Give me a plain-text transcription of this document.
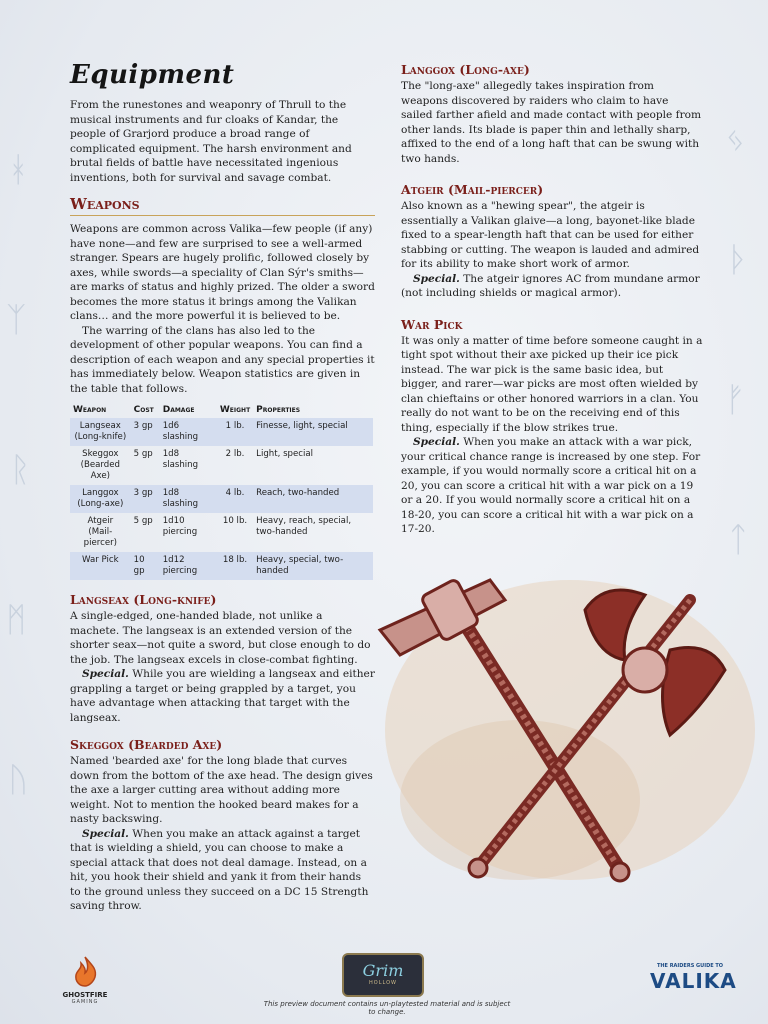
ᚼ
ᛉ
ᚱ
ᛗ
ᚢ
ᛃ
ᚦ
ᚠ
ᛏ
Equipment

From the runestones and weaponry of Thrull to the musical instruments and fur cloaks of Kandar, the people of Grarjord produce a broad range of complicated equipment. The harsh environment and brutal fields of battle have necessitated ingenious inventions, both for survival and savage combat.

Weapons

Weapons are common across Valika—few people (if any) have none—and few are surprised to see a well-armed stranger. Spears are hugely prolific, followed closely by axes, while swords—a speciality of Clan Sýr's smiths—are marks of status and highly prized. The older a sword becomes the more status it brings among the Valikan clans… and the more powerful it is believed to be.

The warring of the clans has also led to the development of other popular weapons. You can find a description of each weapon and any special properties it has immediately below. Weapon statistics are given in the table that follows.

Weapon	Cost	Damage	Weight	Properties
Langseax
(Long-knife)	3 gp	1d6 slashing	1 lb.	Finesse, light, special
Skeggox
(Bearded Axe)	5 gp	1d8 slashing	2 lb.	Light, special
Langgox
(Long-axe)	3 gp	1d8 slashing	4 lb.	Reach, two-handed
Atgeir
(Mail-piercer)	5 gp	1d10 piercing	10 lb.	Heavy, reach, special, two-handed
War Pick	10 gp	1d12 piercing	18 lb.	Heavy, special, two-handed
Langseax (Long-knife)

A single-edged, one-handed blade, not unlike a machete. The langseax is an extended version of the shorter seax—not quite a sword, but close enough to do the job. The langseax excels in close-combat fighting.

Special. While you are wielding a langseax and either grappling a target or being grappled by a target, you have advantage when attacking that target with the langseax.

Skeggox (Bearded Axe)

Named 'bearded axe' for the long blade that curves down from the bottom of the axe head. The design gives the axe a larger cutting area without adding more weight. Not to mention the hooked beard makes for a nasty backswing.

Special. When you make an attack against a target that is wielding a shield, you can choose to make a special attack that does not deal damage. Instead, on a hit, you hook their shield and yank it from their hands to the ground unless they succeed on a DC 15 Strength saving throw.

Langgox (Long-axe)

The "long-axe" allegedly takes inspiration from weapons discovered by raiders who claim to have sailed farther afield and made contact with people from other lands. Its blade is paper thin and lethally sharp, affixed to the end of a long haft that can be swung with two hands.

Atgeir (Mail-piercer)

Also known as a "hewing spear", the atgeir is essentially a Valikan glaive—a long, bayonet-like blade fixed to a spear-length haft that can be used for either stabbing or cutting. The weapon is lauded and admired for its ability to make short work of armor.

Special. The atgeir ignores AC from mundane armor (not including shields or magical armor).

War Pick

It was only a matter of time before someone caught in a tight spot without their axe picked up their ice pick instead. The war pick is the same basic idea, but bigger, and rarer—war picks are most often wielded by clan chieftains or other honored warriors in a clan. You really do not want to be on the receiving end of this thing, especially if the blow strikes true.

Special. When you make an attack with a war pick, your critical chance range is increased by one step. For example, if you would normally score a critical hit on a 20, you can score a critical hit with a war pick on a 19 or a 20. If you would normally score a critical hit on a 18-20, you can score a critical hit with a war pick on a 17-20.

GHOSTFIRE
GAMING
Grim
HOLLOW
THE RAIDERS GUIDE TO
VALIKA
This preview document contains un-playtested material and is subject to change.
